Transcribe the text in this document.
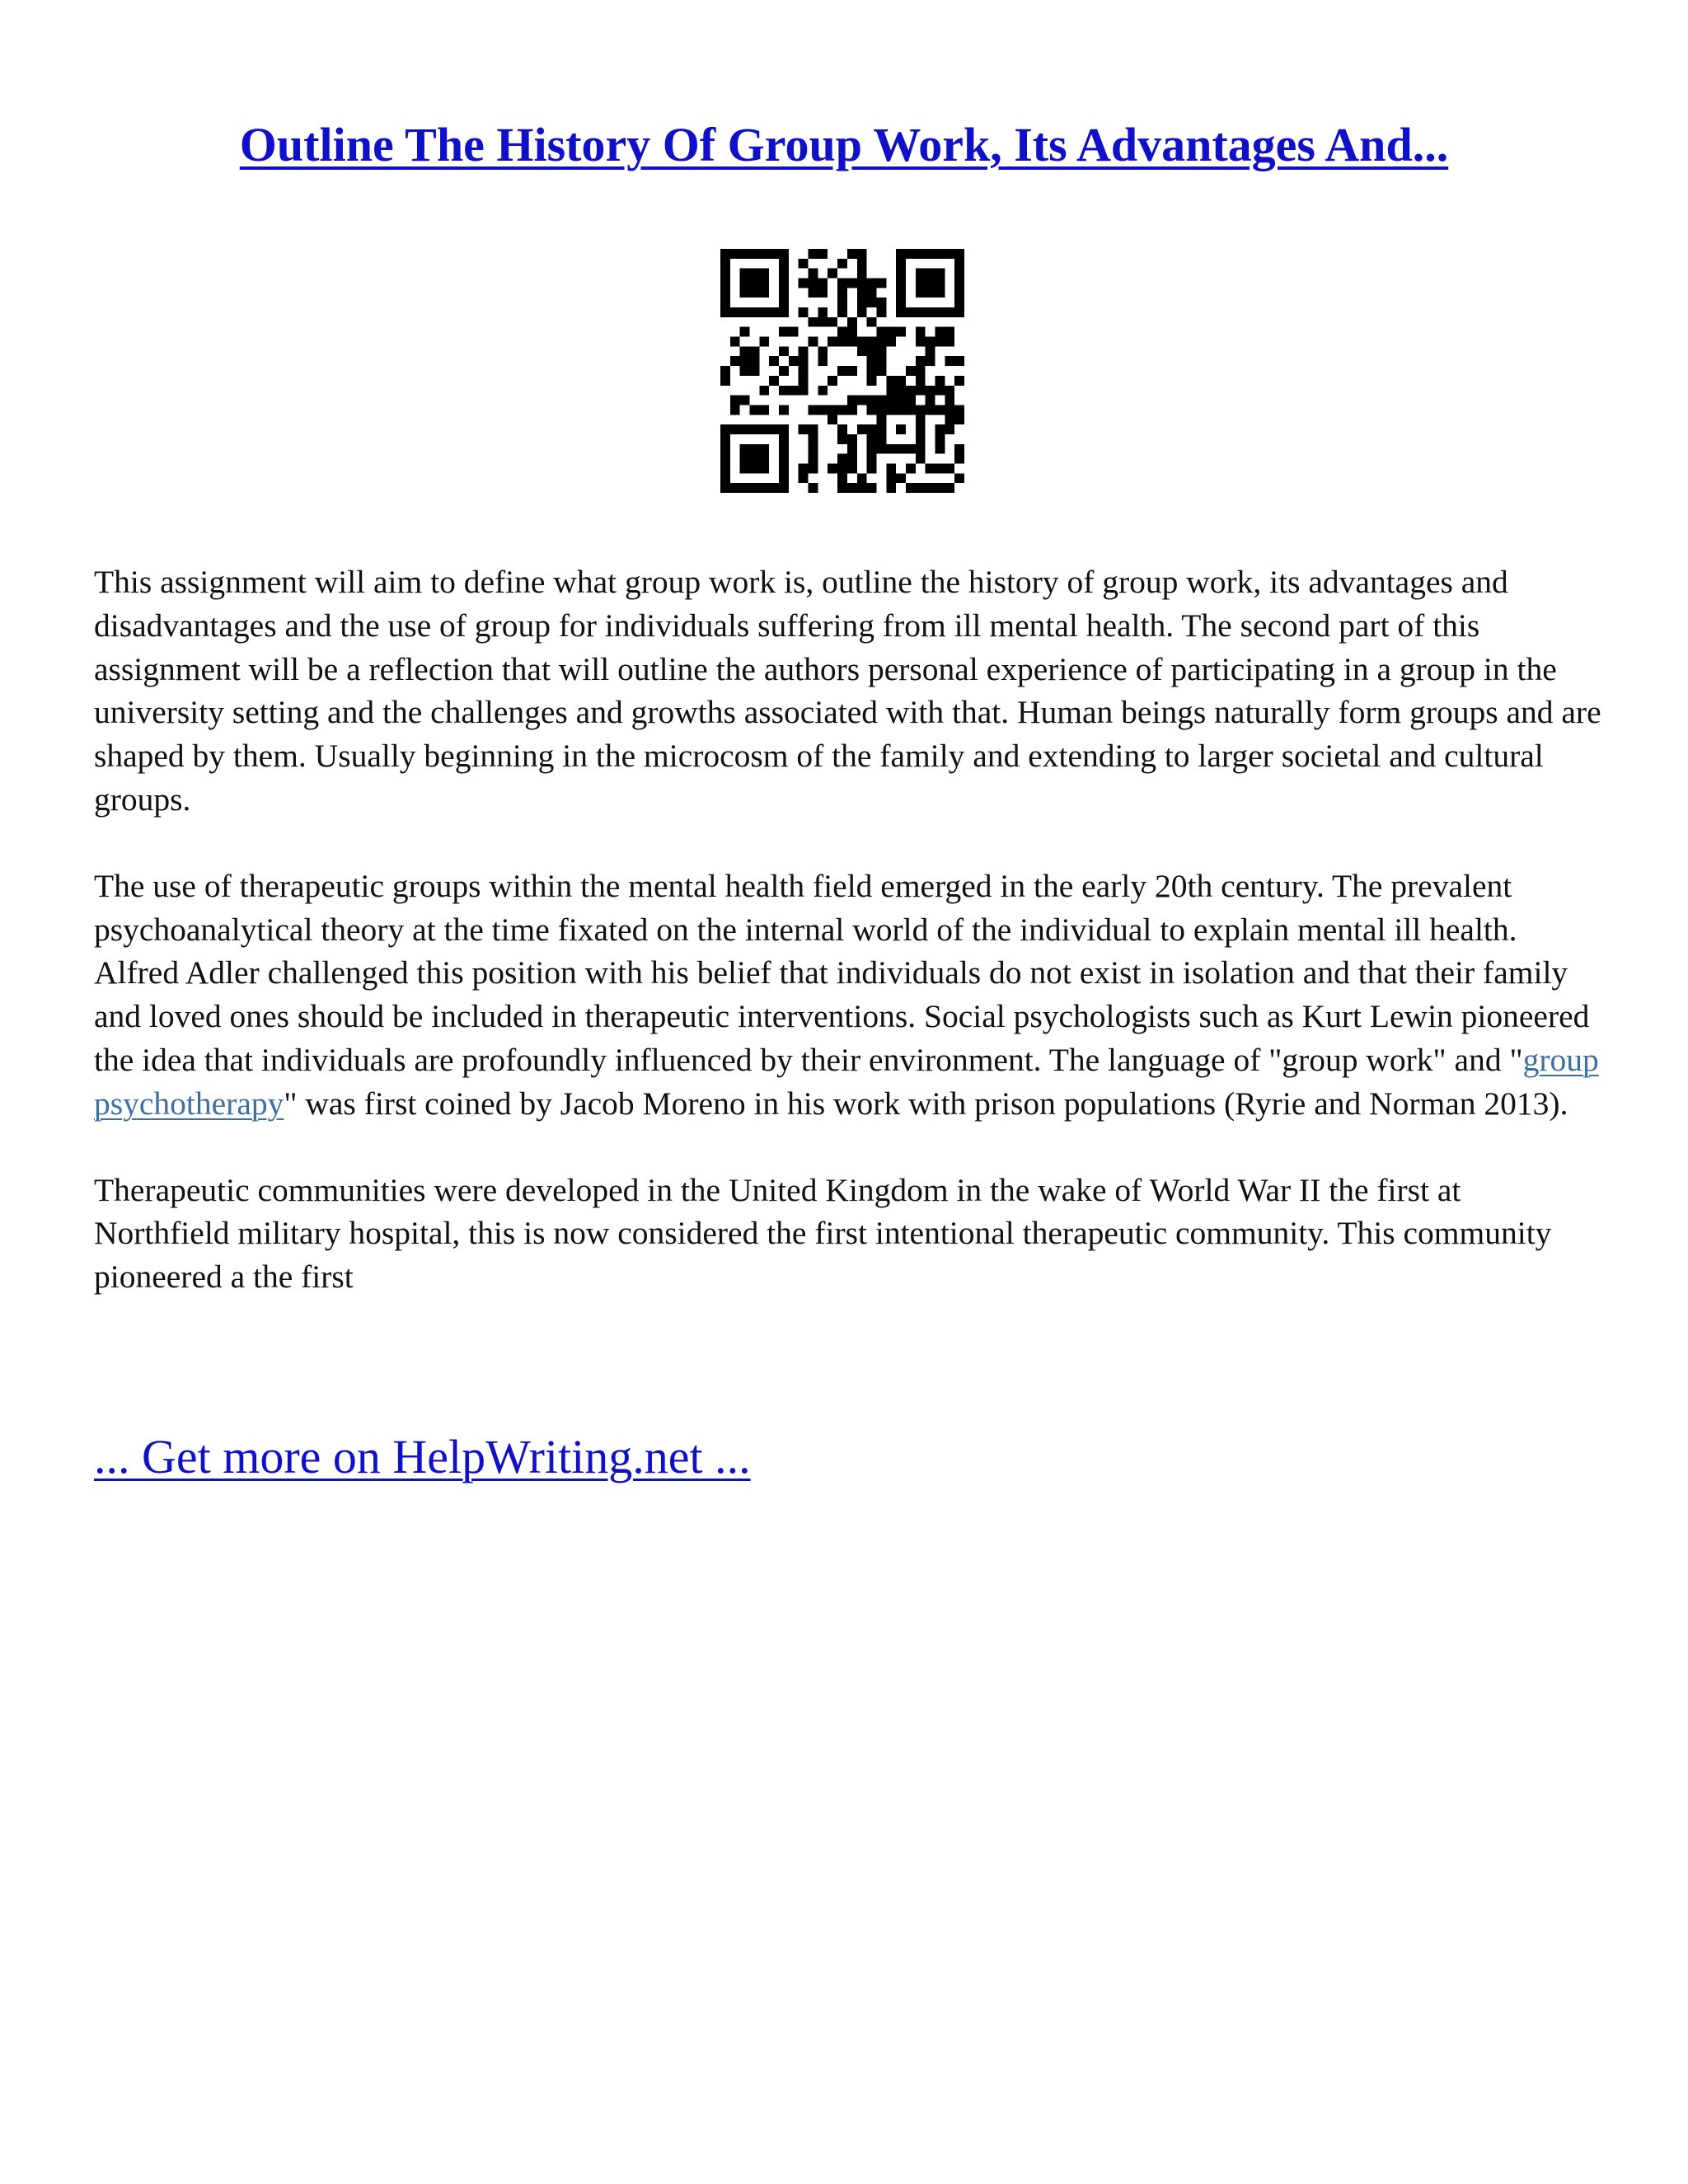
Outline The History Of Group Work, Its Advantages And...

This assignment will aim to define what group work is, outline the history of group work, its advantages and disadvantages and the use of group for individuals suffering from ill mental health. The second part of this assignment will be a reflection that will outline the authors personal experience of participating in a group in the university setting and the challenges and growths associated with that. Human beings naturally form groups and are shaped by them. Usually beginning in the microcosm of the family and extending to larger societal and cultural groups.

The use of therapeutic groups within the mental health field emerged in the early 20th century. The prevalent psychoanalytical theory at the time fixated on the internal world of the individual to explain mental ill health. Alfred Adler challenged this position with his belief that individuals do not exist in isolation and that their family and loved ones should be included in therapeutic interventions. Social psychologists such as Kurt Lewin pioneered the idea that individuals are profoundly influenced by their environment. The language of "group work" and "group psychotherapy" was first coined by Jacob Moreno in his work with prison populations (Ryrie and Norman 2013).

Therapeutic communities were developed in the United Kingdom in the wake of World War II the first at Northfield military hospital, this is now considered the first intentional therapeutic community. This community pioneered a the first

... Get more on HelpWriting.net ...
